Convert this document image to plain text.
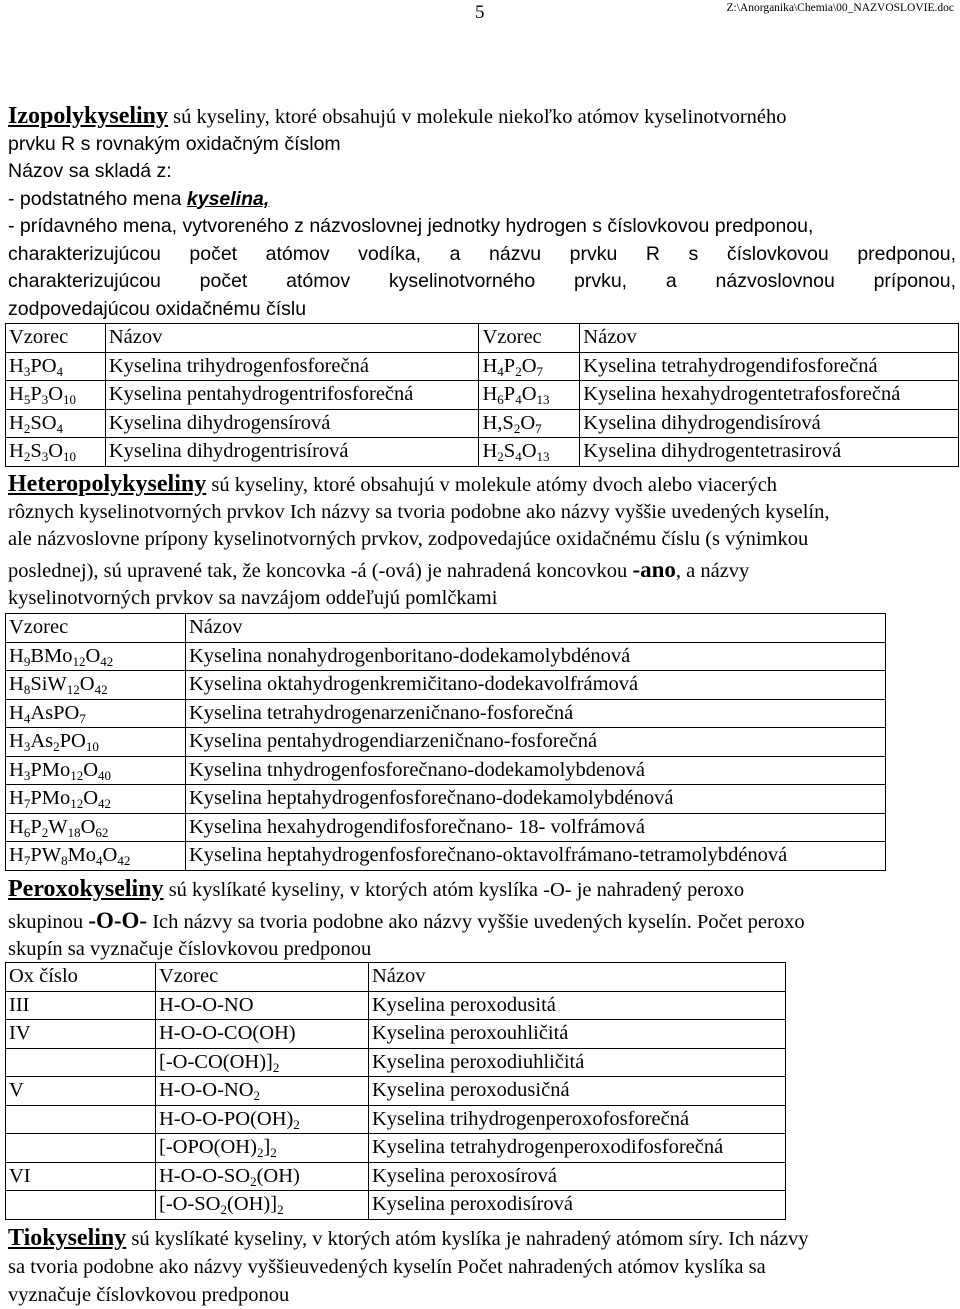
5	Z:\Anorganika\Chemia\00_NAZVOSLOVIE.doc
Izopolykyseliny sú kyseliny, ktoré obsahujú v molekule niekoľko atómov kyselinotvorného
prvku R s rovnakým oxidačným číslom
Názov sa skladá z:
- podstatného mena kyselina,
- prídavného mena, vytvoreného z názvoslovnej jednotky hydrogen s číslovkovou predponou,
charakterizujúcou počet atómov vodíka, a názvu prvku R s číslovkovou predponou,
charakterizujúcou počet atómov kyselinotvorného prvku, a názvoslovnou príponou,
zodpovedajúcou oxidačnému číslu
Vzorec	Názov	Vzorec	Názov
$H_3PO_4$	Kyselina trihydrogenfosforečná	$H_4P_2O_7$	Kyselina tetrahydrogendifosforečná
$H_5P_3O_{10}$	Kyselina pentahydrogentrifosforečná	$H_6P_4O_{13}$	Kyselina hexahydrogentetrafosforečná
$H_2SO_4$	Kyselina dihydrogensírová	$H,S_2O_7$	Kyselina dihydrogendisírová
$H_2S_3O_{10}$	Kyselina dihydrogentrisírová	$H_2S_4O_{13}$	Kyselina dihydrogentetrasirová
Heteropolykyseliny sú kyseliny, ktoré obsahujú v molekule atómy dvoch alebo viacerých
rôznych kyselinotvorných prvkov Ich názvy sa tvoria podobne ako názvy vyššie uvedených kyselín,
ale názvoslovne prípony kyselinotvorných prvkov, zodpovedajúce oxidačnému číslu (s výnimkou
poslednej), sú upravené tak, že koncovka -á (-ová) je nahradená koncovkou -ano, a názvy
kyselinotvorných prvkov sa navzájom oddeľujú pomlčkami
Vzorec	Názov
$H_9BMo_{12}O_{42}$	Kyselina nonahydrogenboritano-dodekamolybdénová
$H_8SiW_{12}O_{42}$	Kyselina oktahydrogenkremičitano-dodekavolfrámová
$H_4AsPO_7$	Kyselina tetrahydrogenarzeničnano-fosforečná
$H_3As_2PO_{10}$	Kyselina pentahydrogendiarzeničnano-fosforečná
$H_3PMo_{12}O_{40}$	Kyselina tnhydrogenfosforečnano-dodekamolybdenová
$H_7PMo_{12}O_{42}$	Kyselina heptahydrogenfosforečnano-dodekamolybdénová
$H_6P_2W_{18}O_{62}$	Kyselina hexahydrogendifosforečnano- 18- volfrámová
$H_7PW_8Mo_4O_{42}$	Kyselina heptahydrogenfosforečnano-oktavolfrámano-tetramolybdénová
Peroxokyseliny sú kyslíkaté kyseliny, v ktorých atóm kyslíka -O- je nahradený peroxo
skupinou -O-O- Ich názvy sa tvoria podobne ako názvy vyššie uvedených kyselín. Počet peroxo
skupín sa vyznačuje číslovkovou predponou
Ox číslo	Vzorec	Názov
III	H-O-O-NO	Kyselina peroxodusitá
IV	H-O-O-CO(OH)	Kyselina peroxouhličitá
	$[-O-CO(OH)]_2$	Kyselina peroxodiuhličitá
V	$H-O-O-NO_2$	Kyselina peroxodusičná
	$H-O-O-PO(OH)_2$	Kyselina trihydrogenperoxofosforečná
	$[-OPO(OH)_2]_2$	Kyselina tetrahydrogenperoxodifosforečná
VI	$H-O-O-SO_2(OH)$	Kyselina peroxosírová
	$[-O-SO_2(OH)]_2$	Kyselina peroxodisírová
Tiokyseliny sú kyslíkaté kyseliny, v ktorých atóm kyslíka je nahradený atómom síry. Ich názvy
sa tvoria podobne ako názvy vyššieuvedených kyselín Počet nahradených atómov kyslíka sa
vyznačuje číslovkovou predponou
